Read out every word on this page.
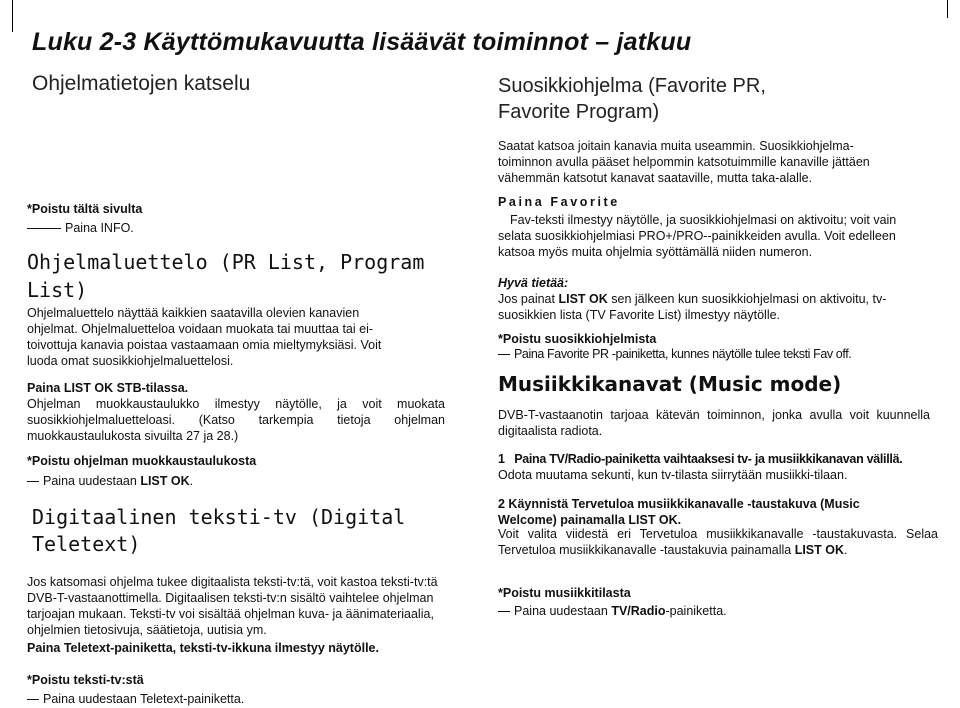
Luku 2-3 Käyttömukavuutta lisäävät toiminnot – jatkuu
Ohjelmatietojen katselu
*Poistu tältä sivulta
Paina INFO.
Ohjelmaluettelo (PR List, Program
List)
Ohjelmaluettelo näyttää kaikkien saatavilla olevien kanavien ohjelmat. Ohjelmaluetteloa voidaan muokata tai muuttaa tai ei-toivottuja kanavia poistaa vastaamaan omia mieltymyksiäsi. Voit luoda omat suosikkiohjelmaluettelosi.
Paina LIST OK STB-tilassa.
Ohjelman muokkaustaulukko ilmestyy näytölle, ja voit muokata suosikkiohjelmaluetteloasi. (Katso tarkempia tietoja ohjelman muokkaustaulukosta sivuilta 27 ja 28.)
*Poistu ohjelman muokkaustaulukosta
Paina uudestaan LIST OK.
Digitaalinen teksti-tv (Digital
Teletext)
Jos katsomasi ohjelma tukee digitaalista teksti-tv:tä, voit kastoa teksti-tv:tä DVB-T-vastaanottimella. Digitaalisen teksti-tv:n sisältö vaihtelee ohjelman tarjoajan mukaan. Teksti-tv voi sisältää ohjelman kuva- ja äänimateriaalia, ohjelmien tietosivuja, säätietoja, uutisia ym.
Paina Teletext-painiketta, teksti-tv-ikkuna ilmestyy näytölle.
*Poistu teksti-tv:stä
Paina uudestaan Teletext-painiketta.
Suosikkiohjelma (Favorite PR,
Favorite Program)
Saatat katsoa joitain kanavia muita useammin. Suosikkiohjelma-toiminnon avulla pääset helpommin katsotuimmille kanaville jättäen vähemmän katsotut kanavat saataville, mutta taka-alalle.
Paina Favorite
Fav-teksti ilmestyy näytölle, ja suosikkiohjelmasi on aktivoitu; voit vain selata suosikkiohjelmiasi PRO+/PRO--painikkeiden avulla. Voit edelleen katsoa myös muita ohjelmia syöttämällä niiden numeron.
Hyvä tietää:
Jos painat LIST OK sen jälkeen kun suosikkiohjelmasi on aktivoitu, tv-suosikkien lista (TV Favorite List) ilmestyy näytölle.
*Poistu suosikkiohjelmista
Paina Favorite PR -painiketta, kunnes näytölle tulee teksti Fav off.
Musiikkikanavat (Music mode)
DVB-T-vastaanotin tarjoaa kätevän toiminnon, jonka avulla voit kuunnella digitaalista radiota.
1 Paina TV/Radio-painiketta vaihtaaksesi tv- ja musiikkikanavan välillä.
Odota muutama sekunti, kun tv-tilasta siirrytään musiikki-tilaan.
2 Käynnistä Tervetuloa musiikkikanavalle -taustakuva (Music Welcome) painamalla LIST OK.
Voit valita viidestä eri Tervetuloa musiikkikanavalle -taustakuvasta. Selaa Tervetuloa musiikkikanavalle -taustakuvia painamalla LIST OK.
*Poistu musiikkitilasta
Paina uudestaan TV/Radio-painiketta.
